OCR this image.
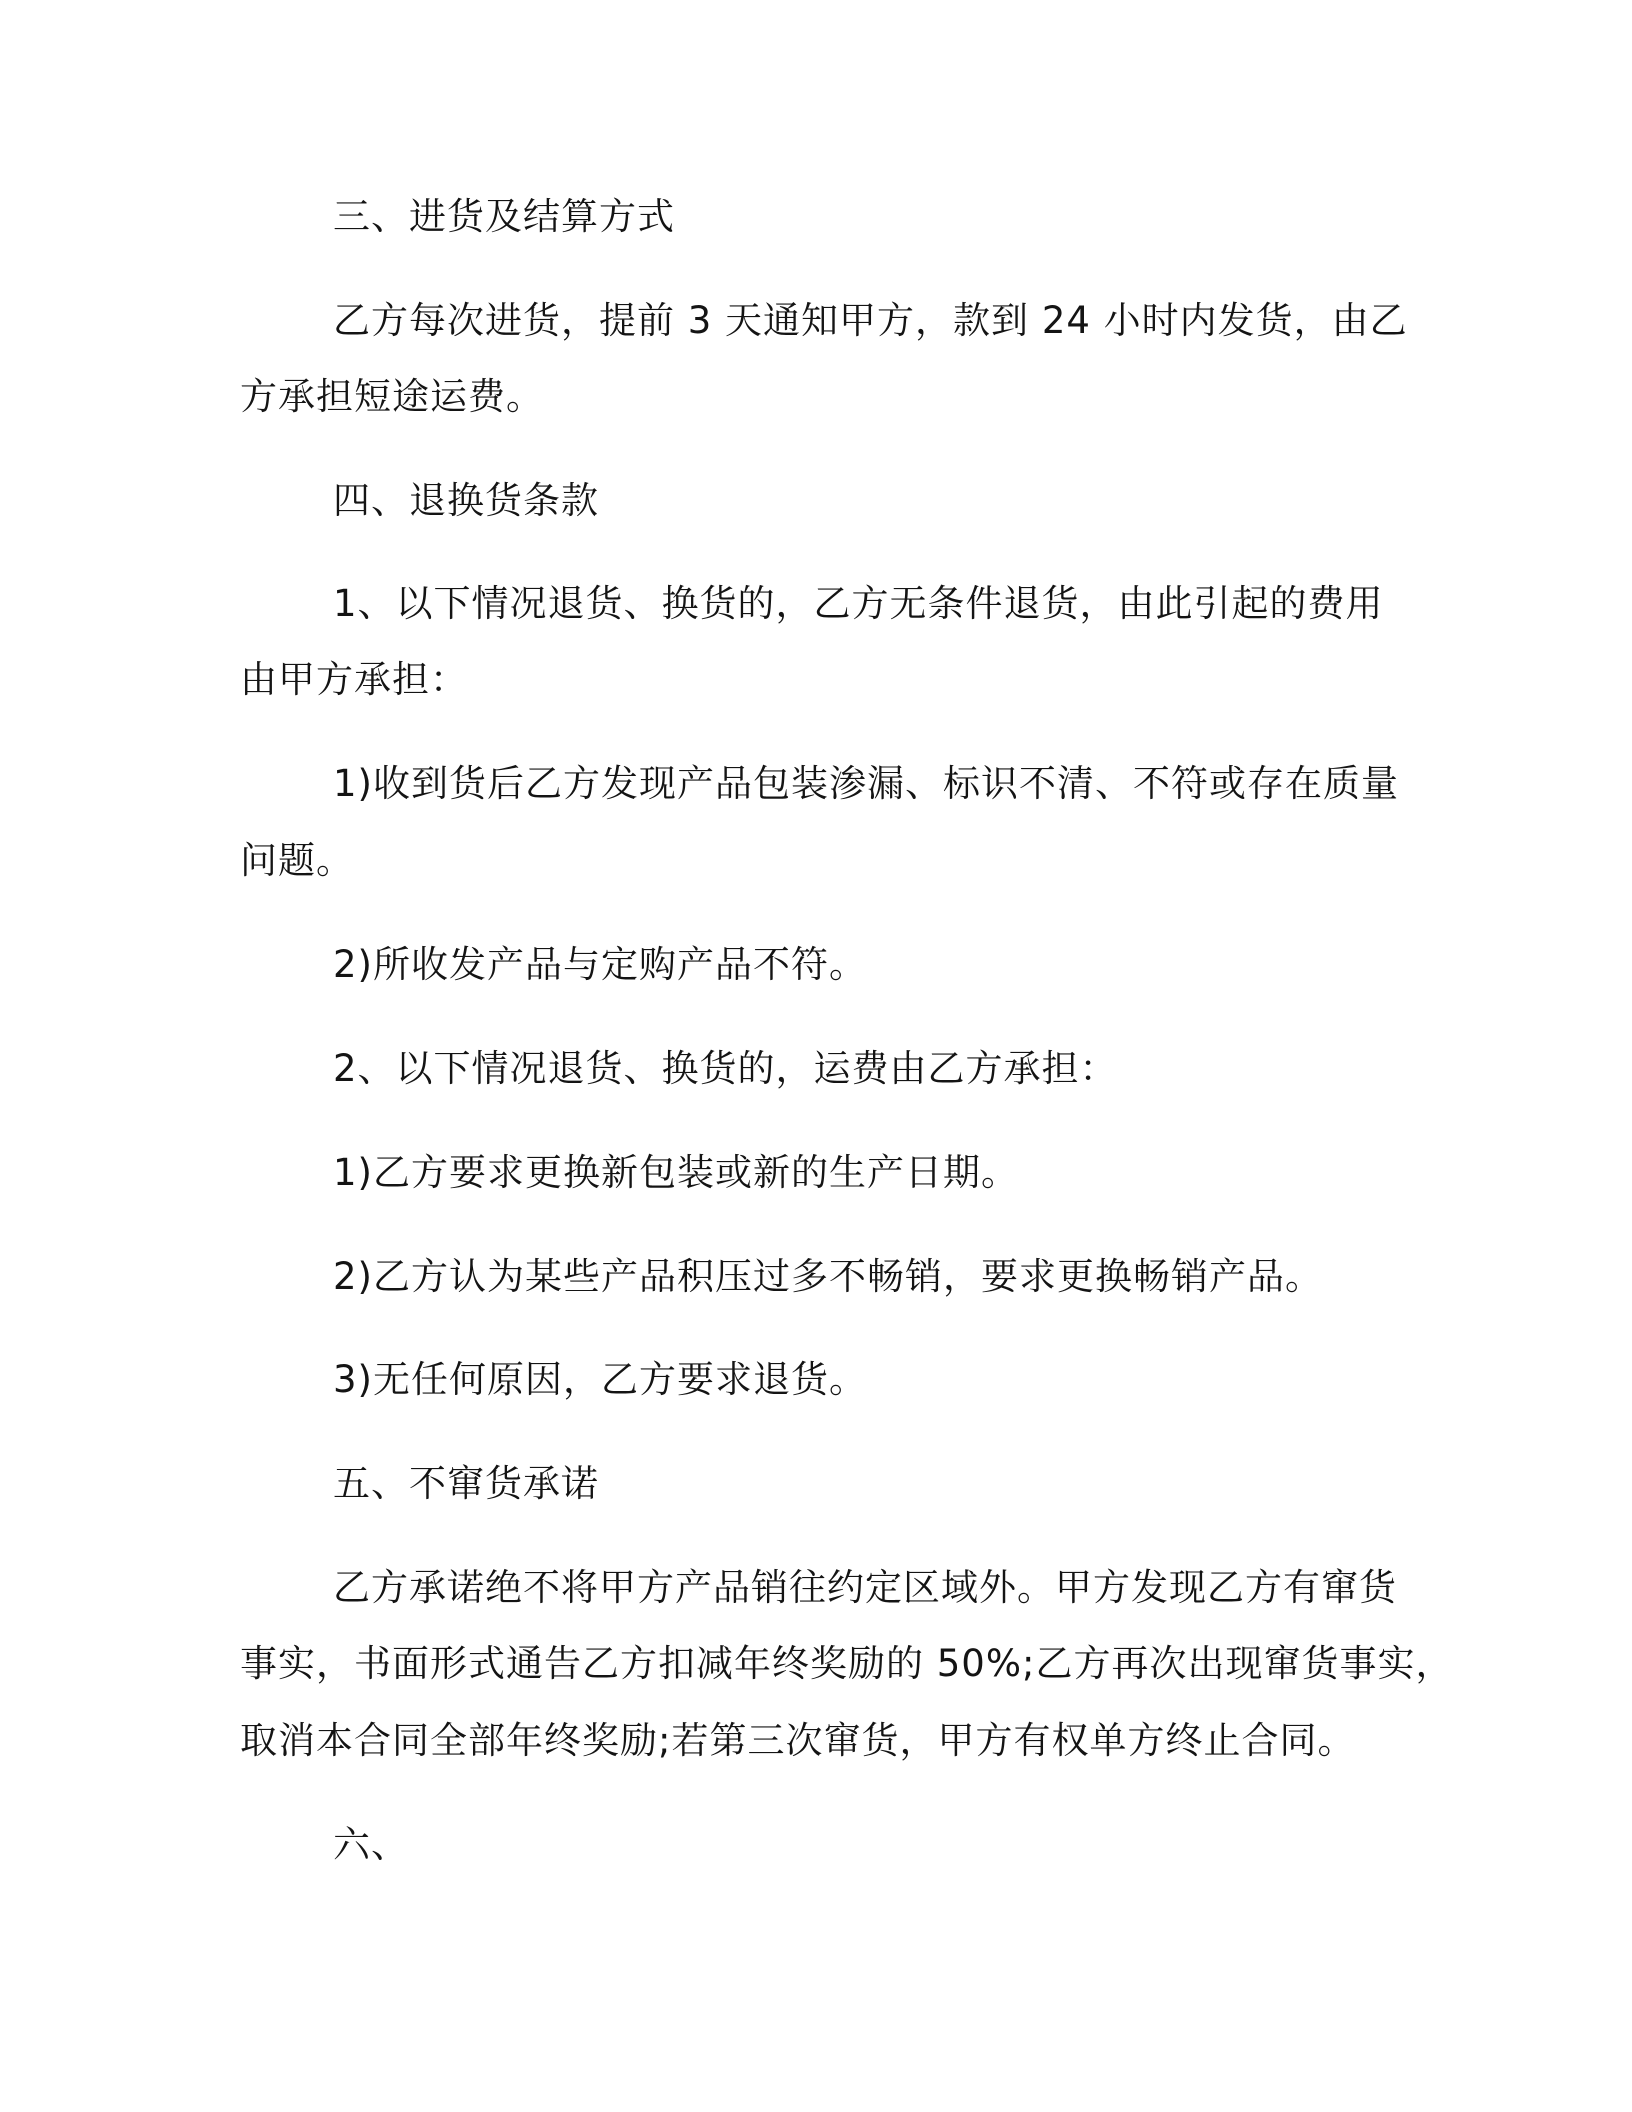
三、进货及结算方式
乙方每次进货，提前 3 天通知甲方，款到 24 小时内发货，由乙
方承担短途运费。
四、退换货条款
1、以下情况退货、换货的，乙方无条件退货，由此引起的费用
由甲方承担：
1)收到货后乙方发现产品包装渗漏、标识不清、不符或存在质量
问题。
2)所收发产品与定购产品不符。
2、以下情况退货、换货的，运费由乙方承担：
1)乙方要求更换新包装或新的生产日期。
2)乙方认为某些产品积压过多不畅销，要求更换畅销产品。
3)无任何原因，乙方要求退货。
五、不窜货承诺
乙方承诺绝不将甲方产品销往约定区域外。甲方发现乙方有窜货
事实，书面形式通告乙方扣减年终奖励的 50%;乙方再次出现窜货事实，
取消本合同全部年终奖励;若第三次窜货，甲方有权单方终止合同。
六、
